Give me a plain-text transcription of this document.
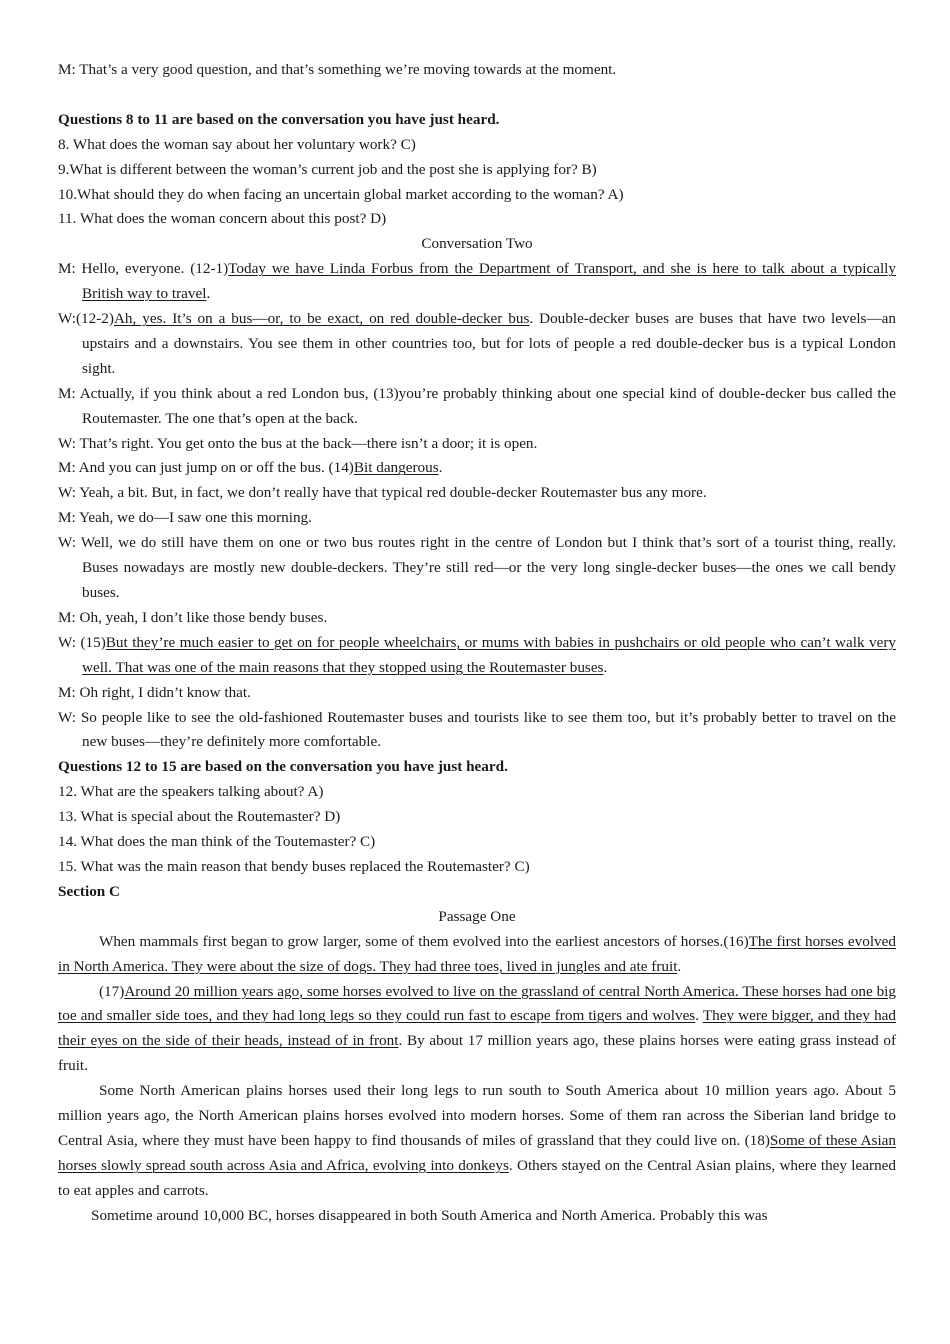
M: That’s a very good question, and that’s something we’re moving towards at the moment.

Questions 8 to 11 are based on the conversation you have just heard.

8. What does the woman say about her voluntary work? C)

9.What is different between the woman’s current job and the post she is applying for? B)

10.What should they do when facing an uncertain global market according to the woman? A)

11. What does the woman concern about this post? D)

Conversation Two

M: Hello, everyone. (12-1)Today we have Linda Forbus from the Department of Transport, and she is here to talk about a typically British way to travel.

W:(12-2)Ah, yes. It’s on a bus—or, to be exact, on red double-decker bus. Double-decker buses are buses that have two levels—an upstairs and a downstairs. You see them in other countries too, but for lots of people a red double-decker bus is a typical London sight.

M: Actually, if you think about a red London bus, (13)you’re probably thinking about one special kind of double-decker bus called the Routemaster. The one that’s open at the back.

W: That’s right. You get onto the bus at the back—there isn’t a door; it is open.

M: And you can just jump on or off the bus. (14)Bit dangerous.

W: Yeah, a bit. But, in fact, we don’t really have that typical red double-decker Routemaster bus any more.

M: Yeah, we do—I saw one this morning.

W: Well, we do still have them on one or two bus routes right in the centre of London but I think that’s sort of a tourist thing, really. Buses nowadays are mostly new double-deckers. They’re still red—or the very long single-decker buses—the ones we call bendy buses.

M: Oh, yeah, I don’t like those bendy buses.

W: (15)But they’re much easier to get on for people wheelchairs, or mums with babies in pushchairs or old people who can’t walk very well. That was one of the main reasons that they stopped using the Routemaster buses.

M: Oh right, I didn’t know that.

W: So people like to see the old-fashioned Routemaster buses and tourists like to see them too, but it’s probably better to travel on the new buses—they’re definitely more comfortable.

Questions 12 to 15 are based on the conversation you have just heard.

12. What are the speakers talking about? A)

13. What is special about the Routemaster? D)

14. What does the man think of the Toutemaster? C)

15. What was the main reason that bendy buses replaced the Routemaster? C)

Section C

Passage One

When mammals first began to grow larger, some of them evolved into the earliest ancestors of horses.(16)The first horses evolved in North America. They were about the size of dogs. They had three toes, lived in jungles and ate fruit.

(17)Around 20 million years ago, some horses evolved to live on the grassland of central North America. These horses had one big toe and smaller side toes, and they had long legs so they could run fast to escape from tigers and wolves. They were bigger, and they had their eyes on the side of their heads, instead of in front. By about 17 million years ago, these plains horses were eating grass instead of fruit.

Some North American plains horses used their long legs to run south to South America about 10 million years ago. About 5 million years ago, the North American plains horses evolved into modern horses. Some of them ran across the Siberian land bridge to Central Asia, where they must have been happy to find thousands of miles of grassland that they could live on. (18)Some of these Asian horses slowly spread south across Asia and Africa, evolving into donkeys. Others stayed on the Central Asian plains, where they learned to eat apples and carrots.

Sometime around 10,000 BC, horses disappeared in both South America and North America. Probably this was
